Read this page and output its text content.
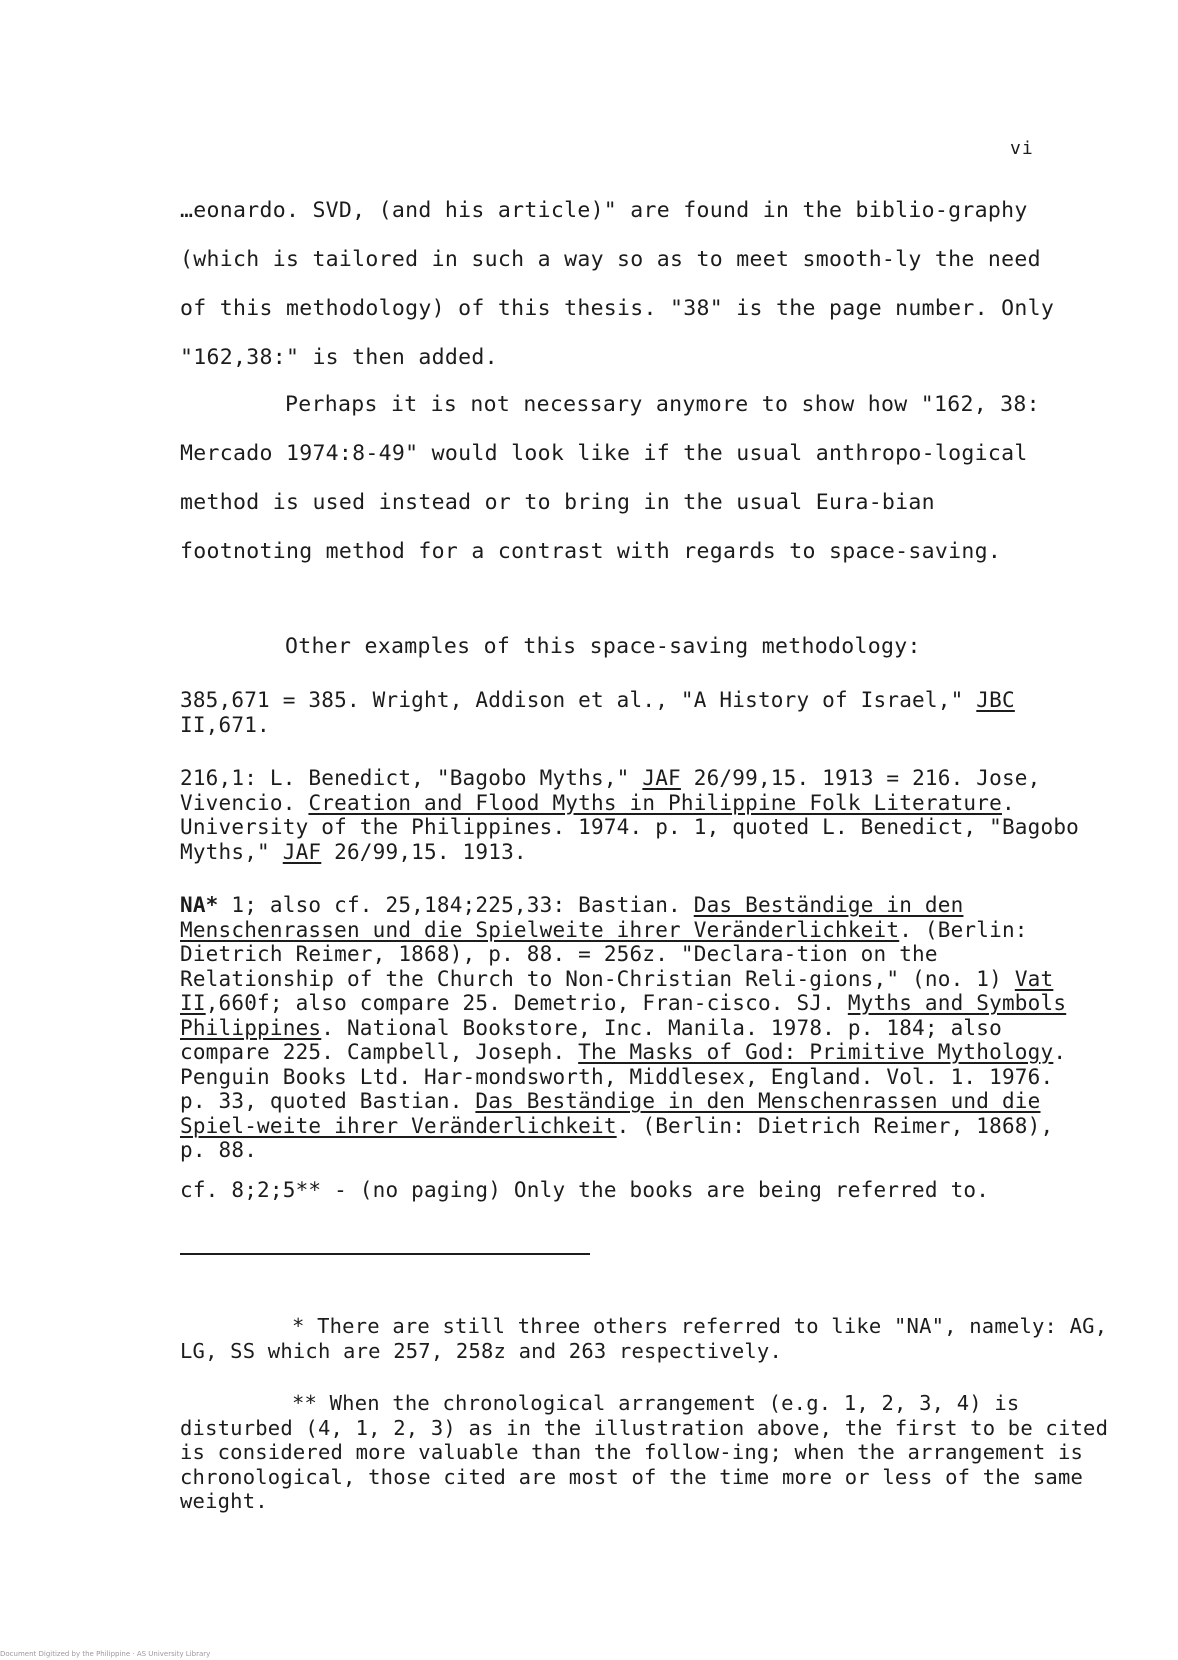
vi

…eonardo. SVD, (and his article)" are found in the biblio-graphy (which is tailored in such a way so as to meet smooth-ly the need of this methodology) of this thesis. "38" is the page number. Only "162,38:" is then added.

Perhaps it is not necessary anymore to show how "162, 38: Mercado 1974:8-49" would look like if the usual anthropo-logical method is used instead or to bring in the usual Eura-bian footnoting method for a contrast with regards to space-saving.

Other examples of this space-saving methodology:

385,671 = 385. Wright, Addison et al., "A History of Israel," JBC II,671.

216,1: L. Benedict, "Bagobo Myths," JAF 26/99,15. 1913 = 216. Jose, Vivencio. Creation and Flood Myths in Philippine Folk Literature. University of the Philippines. 1974. p. 1, quoted L. Benedict, "Bagobo Myths," JAF 26/99,15. 1913.

NA* 1; also cf. 25,184;225,33: Bastian. Das Beständige in den Menschenrassen und die Spielweite ihrer Veränderlichkeit. (Berlin: Dietrich Reimer, 1868), p. 88. = 256z. "Declara-tion on the Relationship of the Church to Non-Christian Reli-gions," (no. 1) Vat II,660f; also compare 25. Demetrio, Fran-cisco. SJ. Myths and Symbols Philippines. National Bookstore, Inc. Manila. 1978. p. 184; also compare 225. Campbell, Joseph. The Masks of God: Primitive Mythology. Penguin Books Ltd. Har-mondsworth, Middlesex, England. Vol. 1. 1976. p. 33, quoted Bastian. Das Beständige in den Menschenrassen und die Spiel-weite ihrer Veränderlichkeit. (Berlin: Dietrich Reimer, 1868), p. 88.

cf. 8;2;5** - (no paging) Only the books are being referred to.

* There are still three others referred to like "NA", namely: AG, LG, SS which are 257, 258z and 263 respectively.

** When the chronological arrangement (e.g. 1, 2, 3, 4) is disturbed (4, 1, 2, 3) as in the illustration above, the first to be cited is considered more valuable than the follow-ing; when the arrangement is chronological, those cited are most of the time more or less of the same weight.

Document Digitized by the Philippine · AS University Library
